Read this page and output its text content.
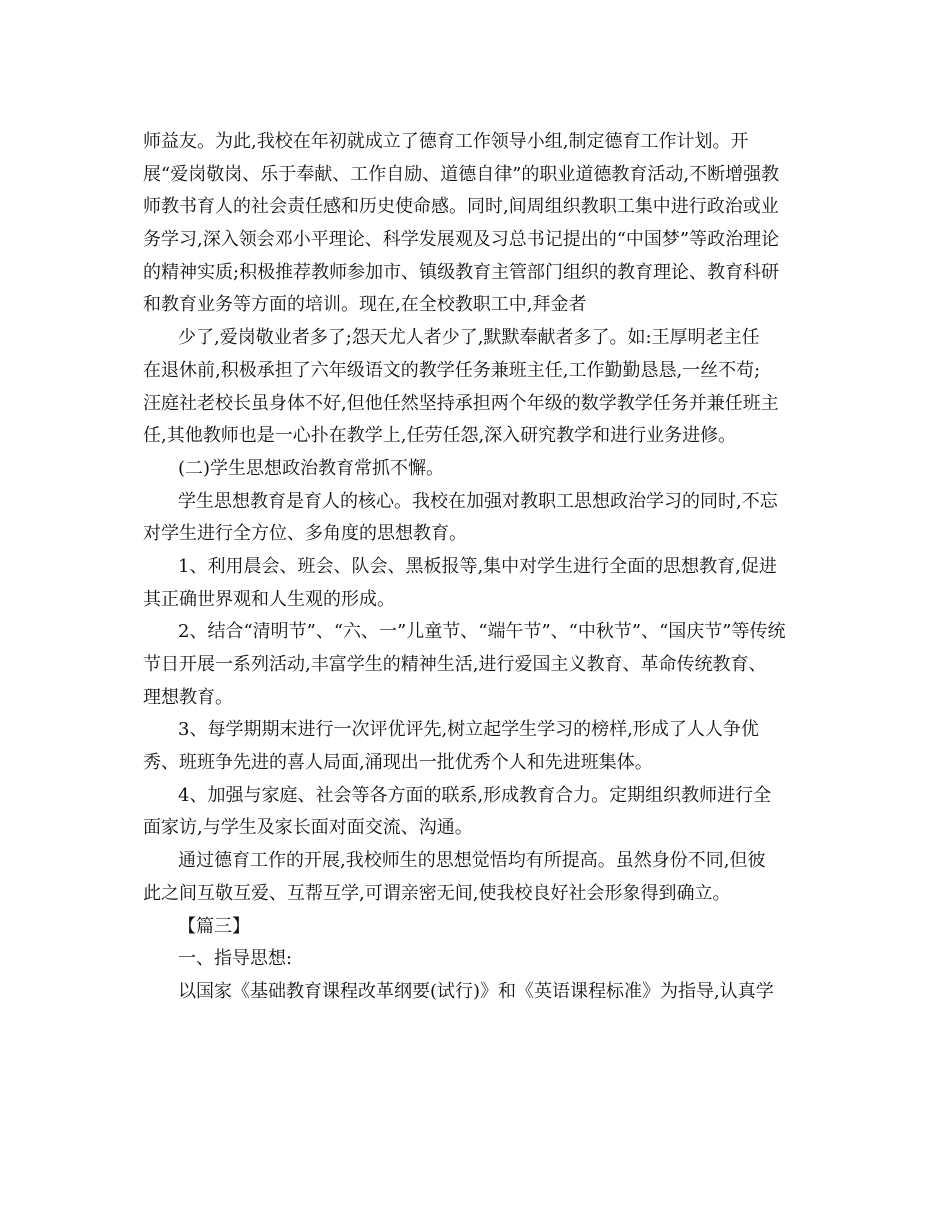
师益友。为此,我校在年初就成立了德育工作领导小组,制定德育工作计划。开
展“爱岗敬岗、乐于奉献、工作自励、道德自律”的职业道德教育活动,不断增强教
师教书育人的社会责任感和历史使命感。同时,间周组织教职工集中进行政治或业
务学习,深入领会邓小平理论、科学发展观及习总书记提出的“中国梦”等政治理论
的精神实质;积极推荐教师参加市、镇级教育主管部门组织的教育理论、教育科研
和教育业务等方面的培训。现在,在全校教职工中,拜金者
少了,爱岗敬业者多了;怨天尤人者少了,默默奉献者多了。如:王厚明老主任
在退休前,积极承担了六年级语文的教学任务兼班主任,工作勤勤恳恳,一丝不苟;
汪庭社老校长虽身体不好,但他任然坚持承担两个年级的数学教学任务并兼任班主
任,其他教师也是一心扑在教学上,任劳任怨,深入研究教学和进行业务进修。
(二)学生思想政治教育常抓不懈。
学生思想教育是育人的核心。我校在加强对教职工思想政治学习的同时,不忘
对学生进行全方位、多角度的思想教育。
1、利用晨会、班会、队会、黑板报等,集中对学生进行全面的思想教育,促进
其正确世界观和人生观的形成。
2、结合“清明节”、“六、一”儿童节、“端午节”、“中秋节”、“国庆节”等传统
节日开展一系列活动,丰富学生的精神生活,进行爱国主义教育、革命传统教育、
理想教育。
3、每学期期末进行一次评优评先,树立起学生学习的榜样,形成了人人争优
秀、班班争先进的喜人局面,涌现出一批优秀个人和先进班集体。
4、加强与家庭、社会等各方面的联系,形成教育合力。定期组织教师进行全
面家访,与学生及家长面对面交流、沟通。
通过德育工作的开展,我校师生的思想觉悟均有所提高。虽然身份不同,但彼
此之间互敬互爱、互帮互学,可谓亲密无间,使我校良好社会形象得到确立。
【篇三】
一、指导思想:
以国家《基础教育课程改革纲要(试行)》和《英语课程标准》为指导,认真学
